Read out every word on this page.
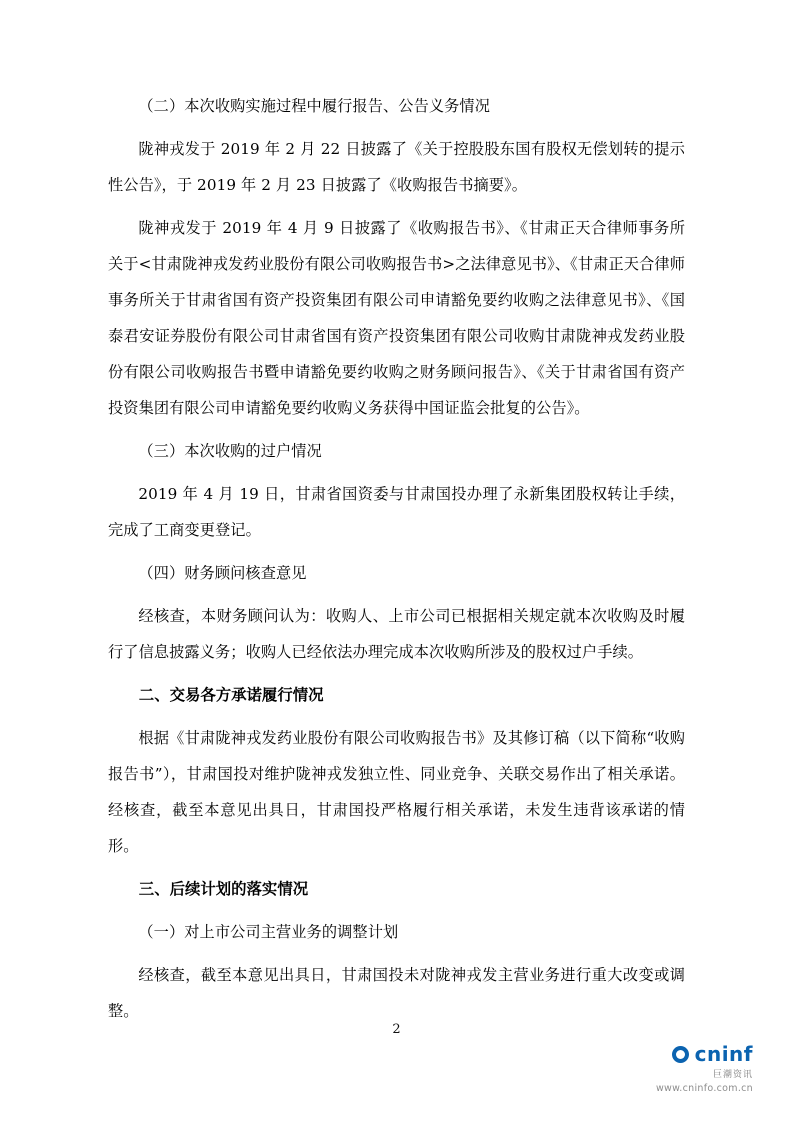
（二）本次收购实施过程中履行报告、公告义务情况

陇神戎发于 2019 年 2 月 22 日披露了《关于控股股东国有股权无偿划转的提示性公告》，于 2019 年 2 月 23 日披露了《收购报告书摘要》。

陇神戎发于 2019 年 4 月 9 日披露了《收购报告书》、《甘肃正天合律师事务所关于<甘肃陇神戎发药业股份有限公司收购报告书>之法律意见书》、《甘肃正天合律师事务所关于甘肃省国有资产投资集团有限公司申请豁免要约收购之法律意见书》、《国泰君安证券股份有限公司甘肃省国有资产投资集团有限公司收购甘肃陇神戎发药业股份有限公司收购报告书暨申请豁免要约收购之财务顾问报告》、《关于甘肃省国有资产投资集团有限公司申请豁免要约收购义务获得中国证监会批复的公告》。

（三）本次收购的过户情况

2019 年 4 月 19 日，甘肃省国资委与甘肃国投办理了永新集团股权转让手续，完成了工商变更登记。

（四）财务顾问核查意见

经核查，本财务顾问认为：收购人、上市公司已根据相关规定就本次收购及时履行了信息披露义务；收购人已经依法办理完成本次收购所涉及的股权过户手续。

二、交易各方承诺履行情况

根据《甘肃陇神戎发药业股份有限公司收购报告书》及其修订稿（以下简称“收购报告书”），甘肃国投对维护陇神戎发独立性、同业竞争、关联交易作出了相关承诺。经核查，截至本意见出具日，甘肃国投严格履行相关承诺，未发生违背该承诺的情形。

三、后续计划的落实情况

（一）对上市公司主营业务的调整计划

经核查，截至本意见出具日，甘肃国投未对陇神戎发主营业务进行重大改变或调整。

2
cninf
巨潮资讯
www.cninfo.com.cn
